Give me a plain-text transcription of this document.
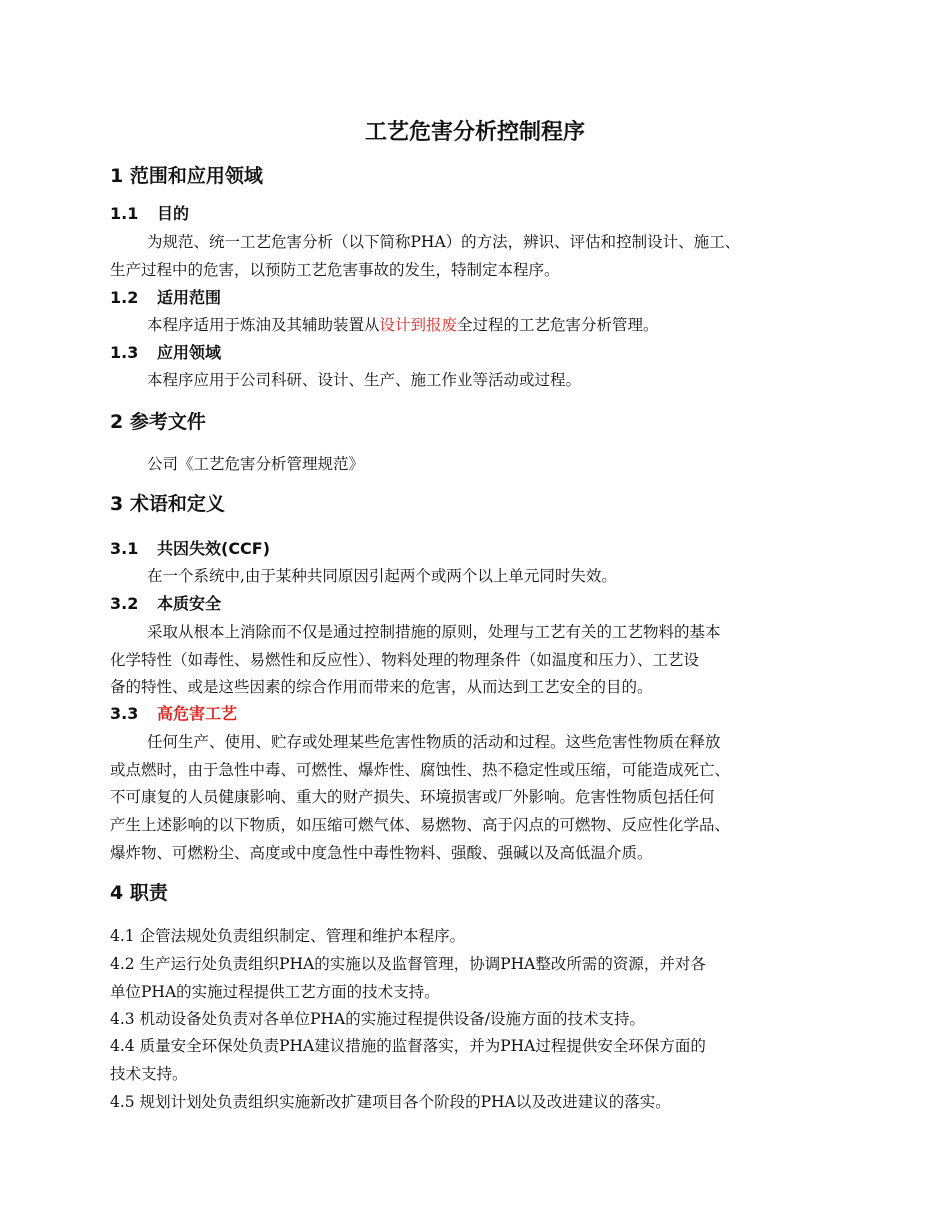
工艺危害分析控制程序
1 范围和应用领域
1.1 目的
为规范、统一工艺危害分析（以下简称PHA）的方法，辨识、评估和控制设计、施工、
生产过程中的危害，以预防工艺危害事故的发生，特制定本程序。
1.2 适用范围
本程序适用于炼油及其辅助装置从设计到报废全过程的工艺危害分析管理。
1.3 应用领域
本程序应用于公司科研、设计、生产、施工作业等活动或过程。
2 参考文件
公司《工艺危害分析管理规范》
3 术语和定义
3.1 共因失效(CCF)
在一个系统中,由于某种共同原因引起两个或两个以上单元同时失效。
3.2 本质安全
采取从根本上消除而不仅是通过控制措施的原则，处理与工艺有关的工艺物料的基本
化学特性（如毒性、易燃性和反应性）、物料处理的物理条件（如温度和压力）、工艺设
备的特性、或是这些因素的综合作用而带来的危害，从而达到工艺安全的目的。
3.3 高危害工艺
任何生产、使用、贮存或处理某些危害性物质的活动和过程。这些危害性物质在释放
或点燃时，由于急性中毒、可燃性、爆炸性、腐蚀性、热不稳定性或压缩，可能造成死亡、
不可康复的人员健康影响、重大的财产损失、环境损害或厂外影响。危害性物质包括任何
产生上述影响的以下物质，如压缩可燃气体、易燃物、高于闪点的可燃物、反应性化学品、
爆炸物、可燃粉尘、高度或中度急性中毒性物料、强酸、强碱以及高低温介质。
4 职责
4.1 企管法规处负责组织制定、管理和维护本程序。
4.2 生产运行处负责组织PHA的实施以及监督管理，协调PHA整改所需的资源，并对各
单位PHA的实施过程提供工艺方面的技术支持。
4.3 机动设备处负责对各单位PHA的实施过程提供设备/设施方面的技术支持。
4.4 质量安全环保处负责PHA建议措施的监督落实，并为PHA过程提供安全环保方面的
技术支持。
4.5 规划计划处负责组织实施新改扩建项目各个阶段的PHA以及改进建议的落实。
